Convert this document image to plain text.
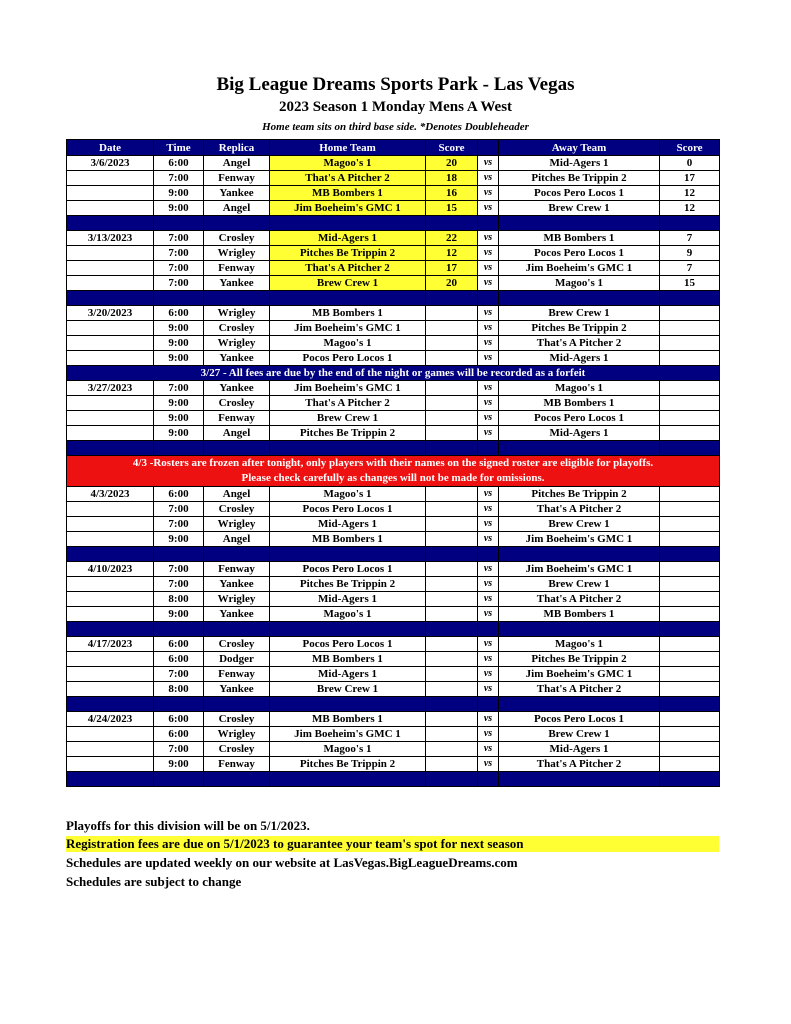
Big League Dreams Sports Park - Las Vegas
2023 Season 1 Monday Mens A West
Home team sits on third base side. *Denotes Doubleheader
Date	Time	Replica	Home Team	Score		Away Team	Score
3/6/2023	6:00	Angel	Magoo's 1	20	vs	Mid-Agers 1	0
	7:00	Fenway	That's A Pitcher 2	18	vs	Pitches Be Trippin 2	17
	9:00	Yankee	MB Bombers 1	16	vs	Pocos Pero Locos 1	12
	9:00	Angel	Jim Boeheim's GMC 1	15	vs	Brew Crew 1	12

3/13/2023	7:00	Crosley	Mid-Agers 1	22	vs	MB Bombers 1	7
	7:00	Wrigley	Pitches Be Trippin 2	12	vs	Pocos Pero Locos 1	9
	7:00	Fenway	That's A Pitcher 2	17	vs	Jim Boeheim's GMC 1	7
	7:00	Yankee	Brew Crew 1	20	vs	Magoo's 1	15

3/20/2023	6:00	Wrigley	MB Bombers 1		vs	Brew Crew 1	
	9:00	Crosley	Jim Boeheim's GMC 1		vs	Pitches Be Trippin 2	
	9:00	Wrigley	Magoo's 1		vs	That's A Pitcher 2	
	9:00	Yankee	Pocos Pero Locos 1		vs	Mid-Agers 1	
3/27 - All fees are due by the end of the night or games will be recorded as a forfeit							
3/27/2023	7:00	Yankee	Jim Boeheim's GMC 1		vs	Magoo's 1	
	9:00	Crosley	That's A Pitcher 2		vs	MB Bombers 1	
	9:00	Fenway	Brew Crew 1		vs	Pocos Pero Locos 1	
	9:00	Angel	Pitches Be Trippin 2		vs	Mid-Agers 1	

4/3 -Rosters are frozen after tonight, only players with their names on the signed roster are eligible for playoffs.
Please check carefully as changes will not be made for omissions.							

4/3/2023	6:00	Angel	Magoo's 1		vs	Pitches Be Trippin 2	
	7:00	Crosley	Pocos Pero Locos 1		vs	That's A Pitcher 2	
	7:00	Wrigley	Mid-Agers 1		vs	Brew Crew 1	
	9:00	Angel	MB Bombers 1		vs	Jim Boeheim's GMC 1	

4/10/2023	7:00	Fenway	Pocos Pero Locos 1		vs	Jim Boeheim's GMC 1	
	7:00	Yankee	Pitches Be Trippin 2		vs	Brew Crew 1	
	8:00	Wrigley	Mid-Agers 1		vs	That's A Pitcher 2	
	9:00	Yankee	Magoo's 1		vs	MB Bombers 1	

4/17/2023	6:00	Crosley	Pocos Pero Locos 1		vs	Magoo's 1	
	6:00	Dodger	MB Bombers 1		vs	Pitches Be Trippin 2	
	7:00	Fenway	Mid-Agers 1		vs	Jim Boeheim's GMC 1	
	8:00	Yankee	Brew Crew 1		vs	That's A Pitcher 2	

4/24/2023	6:00	Crosley	MB Bombers 1		vs	Pocos Pero Locos 1	
	6:00	Wrigley	Jim Boeheim's GMC 1		vs	Brew Crew 1	
	7:00	Crosley	Magoo's 1		vs	Mid-Agers 1	
	9:00	Fenway	Pitches Be Trippin 2		vs	That's A Pitcher 2	

Playoffs for this division will be on 5/1/2023.
Registration fees are due on 5/1/2023 to guarantee your team's spot for next season
Schedules are updated weekly on our website at LasVegas.BigLeagueDreams.com
Schedules are subject to change
